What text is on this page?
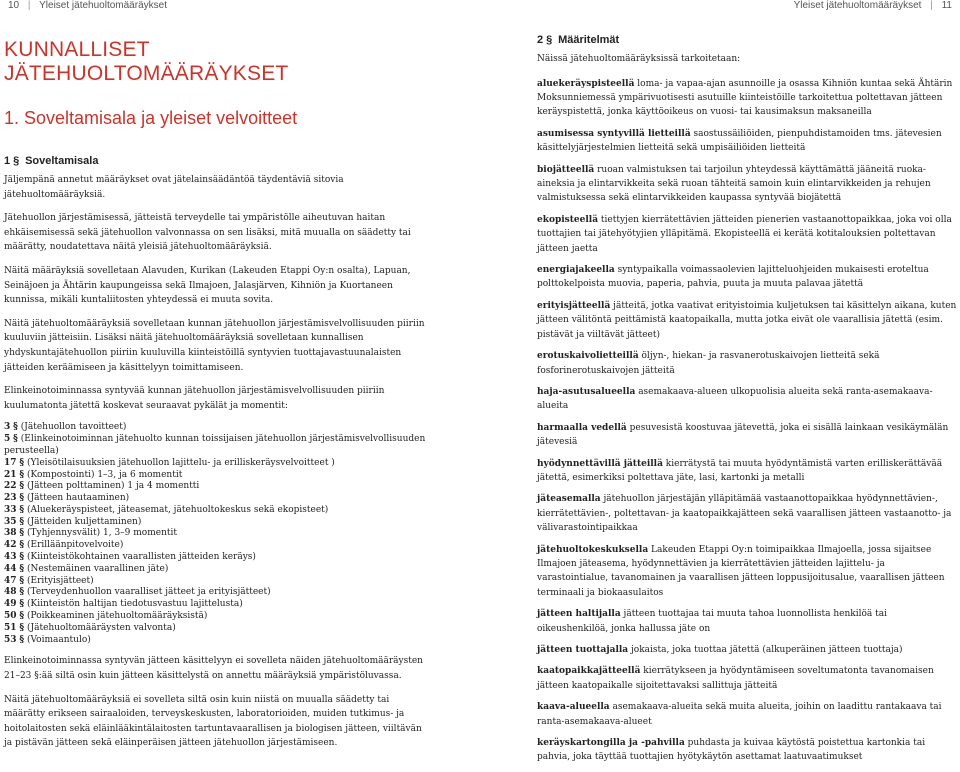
10 | Yleiset jätehuoltomääräykset	Yleiset jätehuoltomääräykset | 11
KUNNALLISET JÄTEHUOLTOMÄÄRÄYKSET
1. Soveltamisala ja yleiset velvoitteet
1 § Soveltamisala

Jäljempänä annetut määräykset ovat jätelainsäädäntöä täydentäviä sitovia jätehuoltomääräyksiä.

Jätehuollon järjestämisessä, jätteistä terveydelle tai ympäristölle aiheutuvan haitan ehkäisemisessä sekä jätehuollon valvonnassa on sen lisäksi, mitä muualla on säädetty tai määrätty, noudatettava näitä yleisiä jätehuoltomääräyksiä.

Näitä määräyksiä sovelletaan Alavuden, Kurikan (Lakeuden Etappi Oy:n osalta), Lapuan, Seinäjoen ja Ähtärin kaupungeissa sekä Ilmajoen, Jalasjärven, Kihniön ja Kuortaneen kunnissa, mikäli kuntaliitosten yhteydessä ei muuta sovita.

Näitä jätehuoltomääräyksiä sovelletaan kunnan jätehuollon järjestämisvelvollisuuden piiriin kuuluviin jätteisiin. Lisäksi näitä jätehuoltomääräyksiä sovelletaan kunnallisen yhdyskuntajätehuollon piiriin kuuluvilla kiinteistöillä syntyvien tuottajavastuunalaisten jätteiden keräämiseen ja käsittelyyn toimittamiseen.

Elinkeinotoiminnassa syntyvää kunnan jätehuollon järjestämisvelvollisuuden piiriin kuulumatonta jätettä koskevat seuraavat pykälät ja momentit:

3 § (Jätehuollon tavoitteet)
5 § (Elinkeinotoiminnan jätehuolto kunnan toissijaisen jätehuollon järjestämisvelvollisuuden perusteella)
17 § (Yleisötilaisuuksien jätehuollon lajittelu- ja erilliskeräysvelvoitteet )
21 § (Kompostointi) 1–3, ja 6 momentit
22 § (Jätteen polttaminen) 1 ja 4 momentti
23 § (Jätteen hautaaminen)
33 § (Aluekeräyspisteet, jäteasemat, jätehuoltokeskus sekä ekopisteet)
35 § (Jätteiden kuljettaminen)
38 § (Tyhjennysvälit) 1, 3–9 momentit
42 § (Erilläänpitovelvoite)
43 § (Kiinteistökohtainen vaarallisten jätteiden keräys)
44 § (Nestemäinen vaarallinen jäte)
47 § (Erityisjätteet)
48 § (Terveydenhuollon vaaralliset jätteet ja erityisjätteet)
49 § (Kiinteistön haltijan tiedotusvastuu lajittelusta)
50 § (Poikkeaminen jätehuoltomääräyksistä)
51 § (Jätehuoltomääräysten valvonta)
53 § (Voimaantulo)

Elinkeinotoiminnassa syntyvän jätteen käsittelyyn ei sovelleta näiden jätehuoltomääräysten 21–23 §:ää siltä osin kuin jätteen käsittelystä on annettu määräyksiä ympäristöluvassa.

Näitä jätehuoltomääräyksiä ei sovelleta siltä osin kuin niistä on muualla säädetty tai määrätty erikseen sairaaloiden, terveyskeskusten, laboratorioiden, muiden tutkimus- ja hoitolaitosten sekä eläinlääkintälaitosten tartuntavaarallisen ja biologisen jätteen, viiltävän ja pistävän jätteen sekä eläinperäisen jätteen jätehuollon järjestämiseen.

2 § Määritelmät

Näissä jätehuoltomääräyksissä tarkoitetaan:

aluekeräyspisteellä loma- ja vapaa-ajan asunnoille ja osassa Kihniön kuntaa sekä Ähtärin Moksunniemessä ympärivuotisesti asutuille kiinteistöille tarkoitettua poltettavan jätteen keräyspistettä, jonka käyttöoikeus on vuosi- tai kausimaksun maksaneilla

asumisessa syntyvillä lietteillä saostussäiliöiden, pienpuhdistamoiden tms. jätevesien käsittelyjärjestelmien lietteitä sekä umpisäiliöiden lietteitä

biojätteellä ruoan valmistuksen tai tarjoilun yhteydessä käyttämättä jääneitä ruoka-aineksia ja elintarvikkeita sekä ruoan tähteitä samoin kuin elintarvikkeiden ja rehujen valmistuksessa sekä elintarvikkeiden kaupassa syntyvää biojätettä

ekopisteellä tiettyjen kierrätettävien jätteiden pienerien vastaanottopaikkaa, joka voi olla tuottajien tai jätehyötyjien ylläpitämä. Ekopisteellä ei kerätä kotitalouksien poltettavan jätteen jaetta

energiajakeella syntypaikalla voimassaolevien lajitteluohjeiden mukaisesti eroteltua polttokelpoista muovia, paperia, pahvia, puuta ja muuta palavaa jätettä

erityisjätteellä jätteitä, jotka vaativat erityistoimia kuljetuksen tai käsittelyn aikana, kuten jätteen välitöntä peittämistä kaatopaikalla, mutta jotka eivät ole vaarallisia jätettä (esim. pistävät ja viiltävät jätteet)

erotuskaivolietteillä öljyn-, hiekan- ja rasvanerotuskaivojen lietteitä sekä fosforinerotuskaivojen jätteitä

haja-asutusalueella asemakaava-alueen ulkopuolisia alueita sekä ranta-asemakaava-alueita

harmaalla vedellä pesuvesistä koostuvaa jätevettä, joka ei sisällä lainkaan vesikäymälän jätevesiä

hyödynnettävillä jätteillä kierrätystä tai muuta hyödyntämistä varten erilliskerättävää jätettä, esimerkiksi poltettava jäte, lasi, kartonki ja metalli

jäteasemalla jätehuollon järjestäjän ylläpitämää vastaanottopaikkaa hyödynnettävien-, kierrätettävien-, poltettavan- ja kaatopaikkajätteen sekä vaarallisen jätteen vastaanotto- ja välivarastointipaikkaa

jätehuoltokeskuksella Lakeuden Etappi Oy:n toimipaikkaa Ilmajoella, jossa sijaitsee Ilmajoen jäteasema, hyödynnettävien ja kierrätettävien jätteiden lajittelu- ja varastointialue, tavanomainen ja vaarallisen jätteen loppusijoitusalue, vaarallisen jätteen terminaali ja biokaasulaitos

jätteen haltijalla jätteen tuottajaa tai muuta tahoa luonnollista henkilöä tai oikeushenkilöä, jonka hallussa jäte on

jätteen tuottajalla jokaista, joka tuottaa jätettä (alkuperäinen jätteen tuottaja)

kaatopaikkajätteellä kierrätykseen ja hyödyntämiseen soveltumatonta tavanomaisen jätteen kaatopaikalle sijoitettavaksi sallittuja jätteitä

kaava-alueella asemakaava-alueita sekä muita alueita, joihin on laadittu rantakaava tai ranta-asemakaava-alueet

keräyskartongilla ja -pahvilla puhdasta ja kuivaa käytöstä poistettua kartonkia tai pahvia, joka täyttää tuottajien hyötykäytön asettamat laatuvaatimukset
